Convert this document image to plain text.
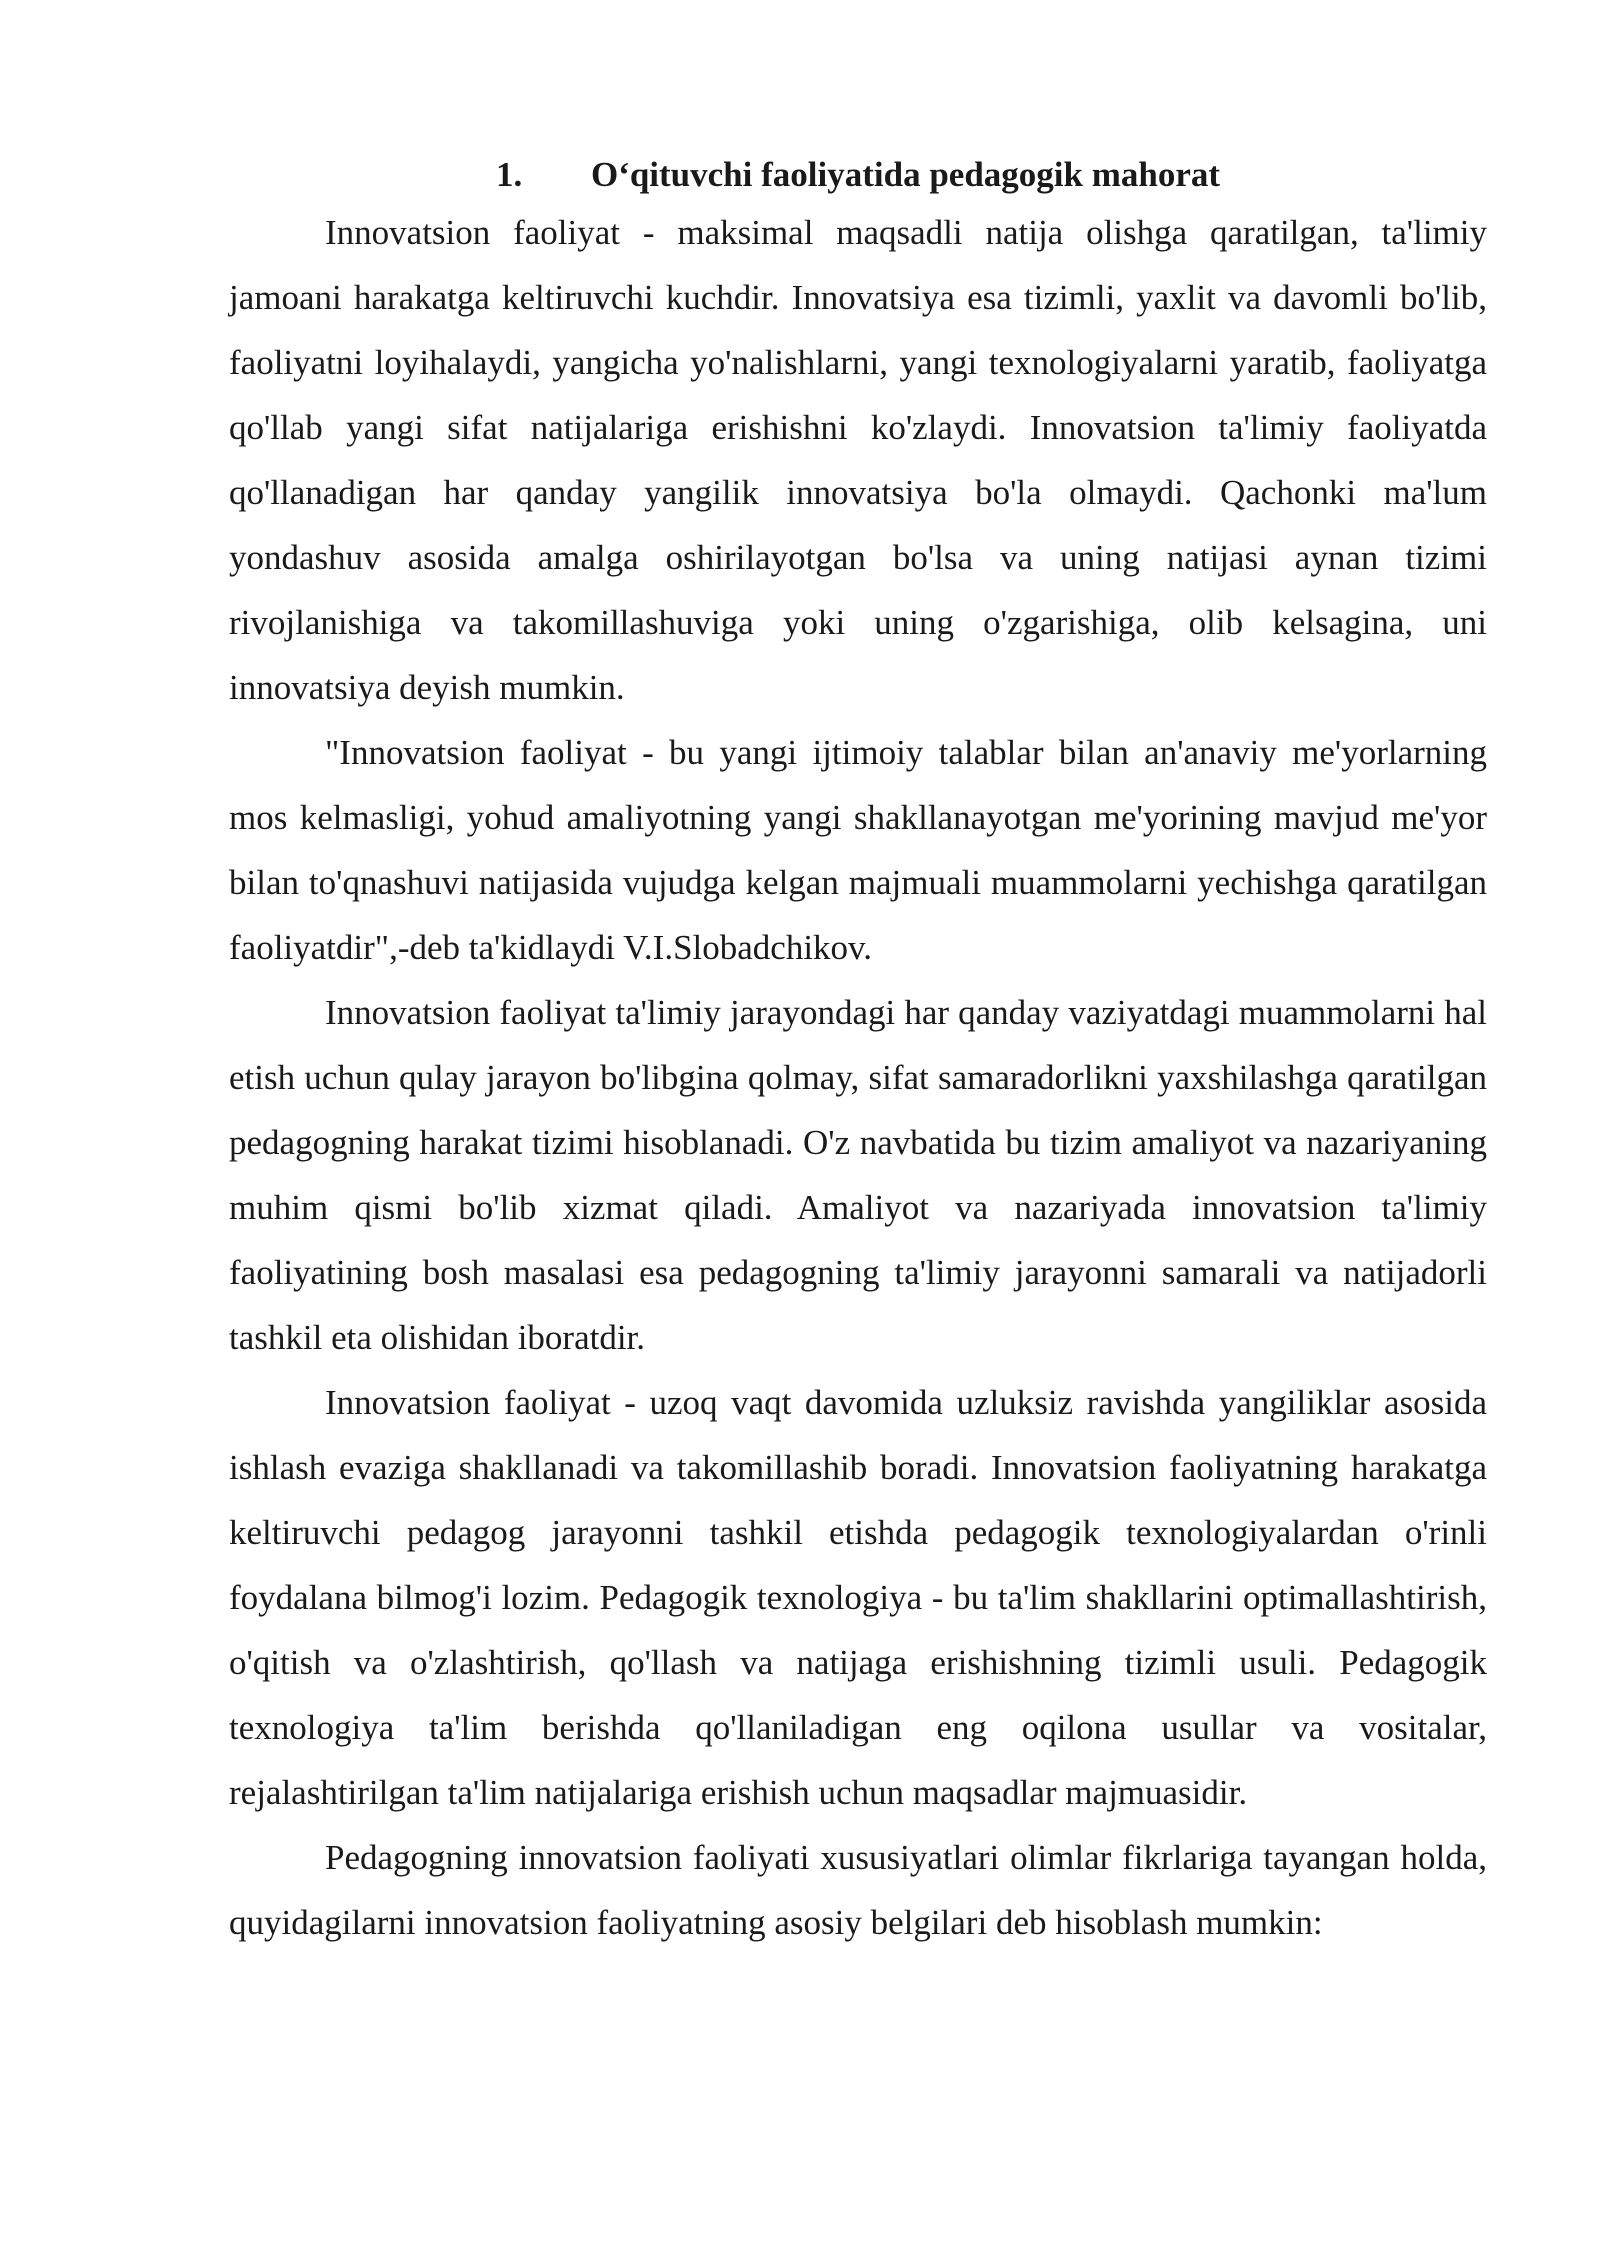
1. O‘qituvchi faoliyatida pedagogik mahorat

Innovatsion faoliyat - maksimal maqsadli natija olishga qaratilgan, ta'limiy jamoani harakatga keltiruvchi kuchdir. Innovatsiya esa tizimli, yaxlit va davomli bo'lib, faoliyatni loyihalaydi, yangicha yo'nalishlarni, yangi texnologiyalarni yaratib, faoliyatga qo'llab yangi sifat natijalariga erishishni ko'zlaydi. Innovatsion ta'limiy faoliyatda qo'llanadigan har qanday yangilik innovatsiya bo'la olmaydi. Qachonki ma'lum yondashuv asosida amalga oshirilayotgan bo'lsa va uning natijasi aynan tizimi rivojlanishiga va takomillashuviga yoki uning o'zgarishiga, olib kelsagina, uni innovatsiya deyish mumkin.

"Innovatsion faoliyat - bu yangi ijtimoiy talablar bilan an'anaviy me'yorlarning mos kelmasligi, yohud amaliyotning yangi shakllanayotgan me'yorining mavjud me'yor bilan to'qnashuvi natijasida vujudga kelgan majmuali muammolarni yechishga qaratilgan faoliyatdir",-deb ta'kidlaydi V.I.Slobadchikov.

Innovatsion faoliyat ta'limiy jarayondagi har qanday vaziyatdagi muammolarni hal etish uchun qulay jarayon bo'libgina qolmay, sifat samaradorlikni yaxshilashga qaratilgan pedagogning harakat tizimi hisoblanadi. O'z navbatida bu tizim amaliyot va nazariyaning muhim qismi bo'lib xizmat qiladi. Amaliyot va nazariyada innovatsion ta'limiy faoliyatining bosh masalasi esa pedagogning ta'limiy jarayonni samarali va natijadorli tashkil eta olishidan iboratdir.

Innovatsion faoliyat - uzoq vaqt davomida uzluksiz ravishda yangiliklar asosida ishlash evaziga shakllanadi va takomillashib boradi. Innovatsion faoliyatning harakatga keltiruvchi pedagog jarayonni tashkil etishda pedagogik texnologiyalardan o'rinli foydalana bilmog'i lozim. Pedagogik texnologiya - bu ta'lim shakllarini optimallashtirish, o'qitish va o'zlashtirish, qo'llash va natijaga erishishning tizimli usuli. Pedagogik texnologiya ta'lim berishda qo'llaniladigan eng oqilona usullar va vositalar, rejalashtirilgan ta'lim natijalariga erishish uchun maqsadlar majmuasidir.

Pedagogning innovatsion faoliyati xususiyatlari olimlar fikrlariga tayangan holda, quyidagilarni innovatsion faoliyatning asosiy belgilari deb hisoblash mumkin:
